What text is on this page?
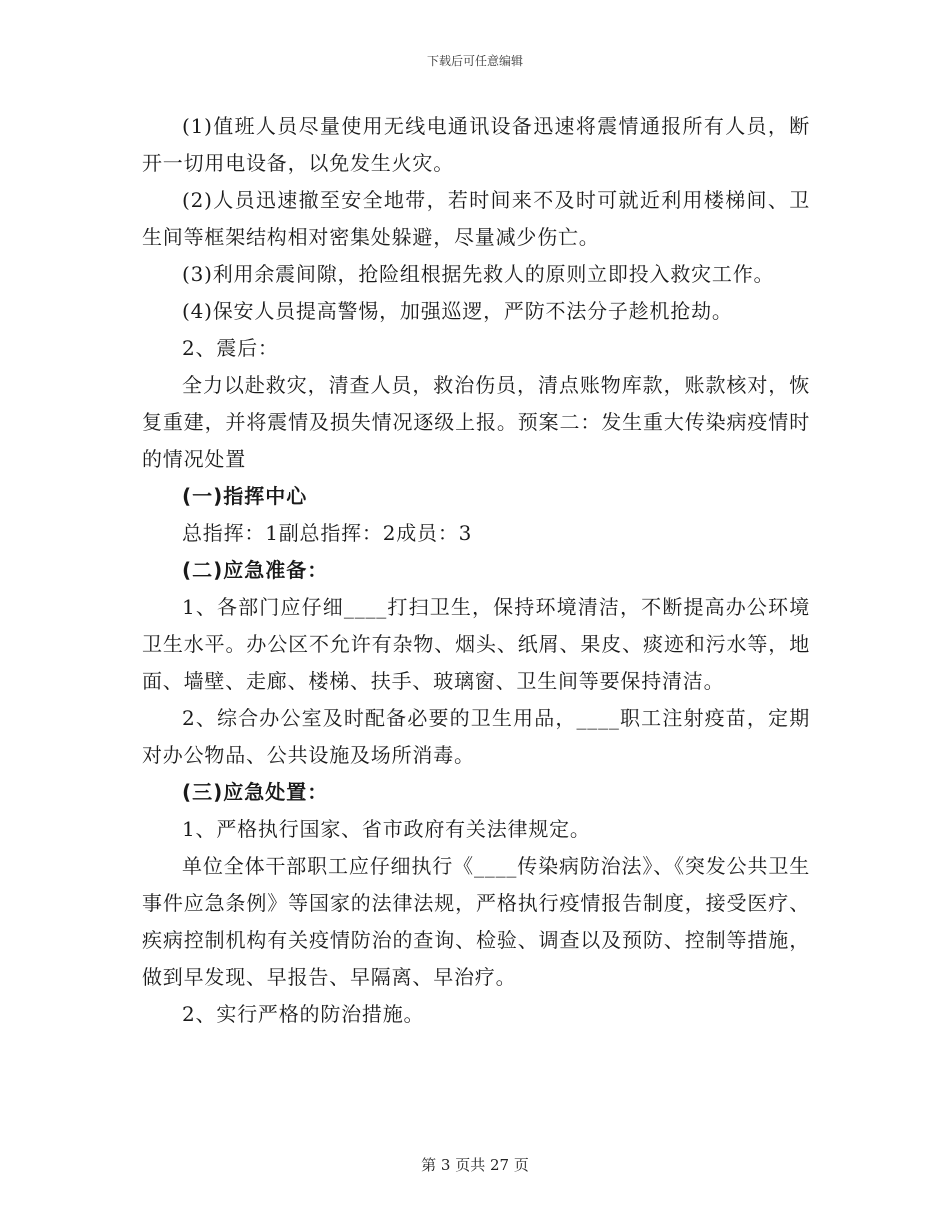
下载后可任意编辑

(1)值班人员尽量使用无线电通讯设备迅速将震情通报所有人员，断开一切用电设备，以免发生火灾。

(2)人员迅速撤至安全地带，若时间来不及时可就近利用楼梯间、卫生间等框架结构相对密集处躲避，尽量减少伤亡。

(3)利用余震间隙，抢险组根据先救人的原则立即投入救灾工作。

(4)保安人员提高警惕，加强巡逻，严防不法分子趁机抢劫。

2、震后：

全力以赴救灾，清查人员，救治伤员，清点账物库款，账款核对，恢复重建，并将震情及损失情况逐级上报。预案二：发生重大传染病疫情时的情况处置

(一)指挥中心

总指挥：1副总指挥：2成员：3

(二)应急准备：

1、各部门应仔细____打扫卫生，保持环境清洁，不断提高办公环境卫生水平。办公区不允许有杂物、烟头、纸屑、果皮、痰迹和污水等，地面、墙壁、走廊、楼梯、扶手、玻璃窗、卫生间等要保持清洁。

2、综合办公室及时配备必要的卫生用品，____职工注射疫苗，定期对办公物品、公共设施及场所消毒。

(三)应急处置：

1、严格执行国家、省市政府有关法律规定。

单位全体干部职工应仔细执行《____传染病防治法》、《突发公共卫生事件应急条例》等国家的法律法规，严格执行疫情报告制度，接受医疗、疾病控制机构有关疫情防治的查询、检验、调查以及预防、控制等措施，做到早发现、早报告、早隔离、早治疗。

2、实行严格的防治措施。

第 3 页共 27 页
